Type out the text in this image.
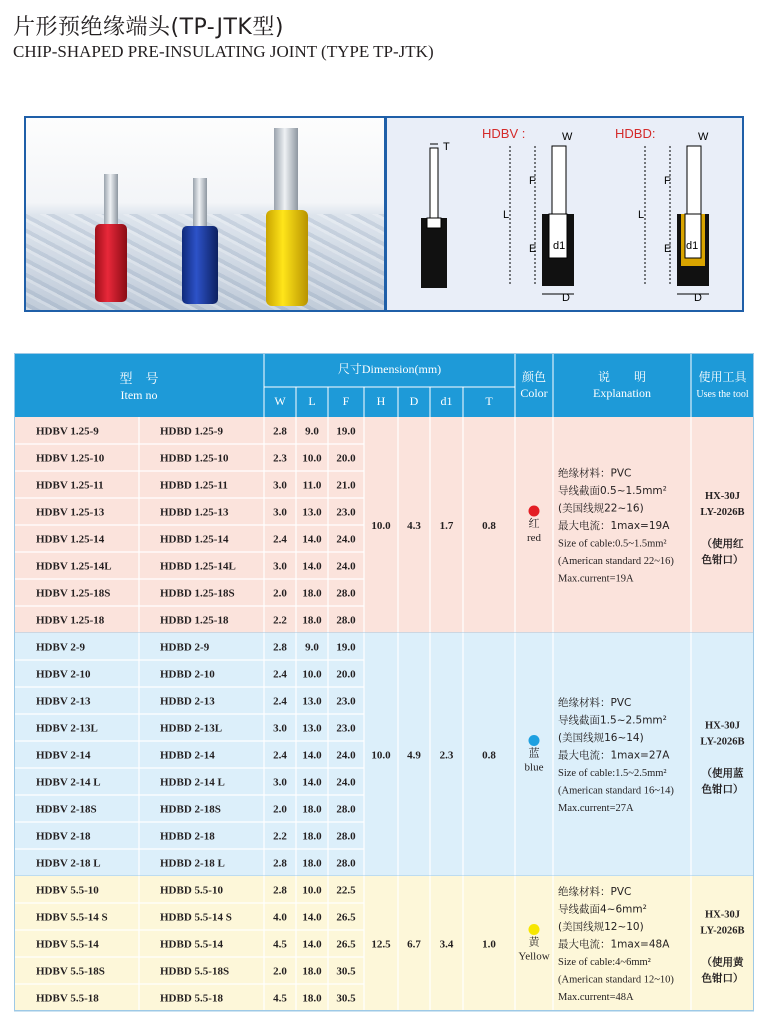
片形预绝缘端头(TP-JTK型)
CHIP-SHAPED PRE-INSULATING JOINT (TYPE TP-JTK)
T
HDBV :
F
L
E
W
d1
D
HDBD:
F
L
E
W
d1
D
型　号
Item no
尺寸Dimension(mm)
W L F H D d1	T
颜色
Color
说　　明
Explanation
使用工具
Uses the tool
HDBV 1.25-9	HDBD 1.25-9	2.8 9.0 19.0
HDBV 1.25-10	HDBD 1.25-10	2.3 10.0 20.0
HDBV 1.25-11	HDBD 1.25-11	3.0 11.0 21.0
HDBV 1.25-13	HDBD 1.25-13	3.0 13.0 23.0
HDBV 1.25-14	HDBD 1.25-14	2.4 14.0 24.0
HDBV 1.25-14L	HDBD 1.25-14L	3.0 14.0 24.0
HDBV 1.25-18S	HDBD 1.25-18S	2.0 18.0 28.0
HDBV 1.25-18	HDBD 1.25-18	2.2 18.0 28.0
10.0 4.3 1.7	0.8	红
red
绝缘材料：PVC
导线截面0.5~1.5mm²
(美国线规22~16)
最大电流：1max=19A
Size of cable:0.5~1.5mm²
(American standard 22~16)
Max.current=19A
HX-30J
LY-2026B
（使用红
色钳口）
HDBV 2-9	HDBD 2-9	2.8 9.0 19.0
HDBV 2-10	HDBD 2-10	2.4 10.0 20.0
HDBV 2-13	HDBD 2-13	2.4 13.0 23.0
HDBV 2-13L	HDBD 2-13L	3.0 13.0 23.0
HDBV 2-14	HDBD 2-14	2.4 14.0 24.0
HDBV 2-14 L	HDBD 2-14 L	3.0 14.0 24.0
HDBV 2-18S	HDBD 2-18S	2.0 18.0 28.0
HDBV 2-18	HDBD 2-18	2.2 18.0 28.0
HDBV 2-18 L	HDBD 2-18 L	2.8 18.0 28.0
10.0 4.9 2.3	0.8	蓝
blue
绝缘材料：PVC
导线截面1.5~2.5mm²
(美国线规16~14)
最大电流：1max=27A
Size of cable:1.5~2.5mm²
(American standard 16~14)
Max.current=27A
HX-30J
LY-2026B
（使用蓝
色钳口）
HDBV 5.5-10	HDBD 5.5-10	2.8 10.0 22.5
HDBV 5.5-14 S	HDBD 5.5-14 S	4.0 14.0 26.5
HDBV 5.5-14	HDBD 5.5-14	4.5 14.0 26.5
HDBV 5.5-18S	HDBD 5.5-18S	2.0 18.0 30.5
HDBV 5.5-18	HDBD 5.5-18	4.5 18.0 30.5
12.5 6.7 3.4	1.0	黄
Yellow
绝缘材料：PVC
导线截面4~6mm²
(美国线规12~10)
最大电流：1max=48A
Size of cable:4~6mm²
(American standard 12~10)
Max.current=48A
HX-30J
LY-2026B
（使用黄
色钳口）
